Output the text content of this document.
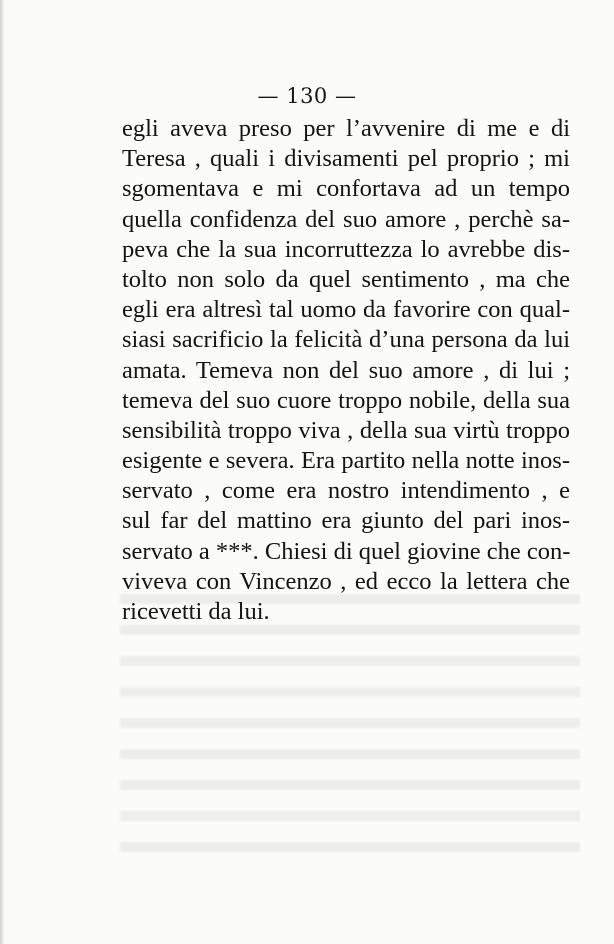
— 130 —
egli aveva preso per l’avvenire di me e di
Teresa , quali i divisamenti pel proprio ; mi
sgomentava e mi confortava ad un tempo
quella confidenza del suo amore , perchè sa-
peva che la sua incorruttezza lo avrebbe dis-
tolto non solo da quel sentimento , ma che
egli era altresì tal uomo da favorire con qual-
siasi sacrificio la felicità d’una persona da lui
amata. Temeva non del suo amore , di lui ;
temeva del suo cuore troppo nobile, della sua
sensibilità troppo viva , della sua virtù troppo
esigente e severa. Era partito nella notte inos-
servato , come era nostro intendimento , e
sul far del mattino era giunto del pari inos-
servato a ***. Chiesi di quel giovine che con-
viveva con Vincenzo , ed ecco la lettera che
ricevetti da lui.
